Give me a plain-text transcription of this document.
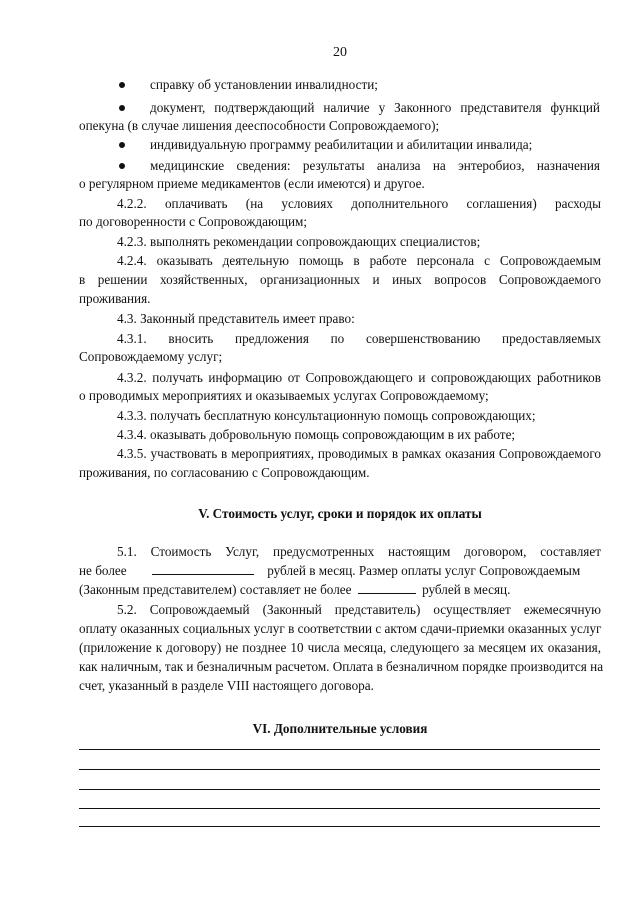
20
справку об установлении инвалидности;
документ, подтверждающий наличие у Законного представителя функций
опекуна (в случае лишения дееспособности Сопровождаемого);
индивидуальную программу реабилитации и абилитации инвалида;
медицинские сведения: результаты анализа на энтеробиоз, назначения
о регулярном приеме медикаментов (если имеются) и другое.
4.2.2. оплачивать (на условиях дополнительного соглашения) расходы
по договоренности с Сопровождающим;
4.2.3. выполнять рекомендации сопровождающих специалистов;
4.2.4. оказывать деятельную помощь в работе персонала с Сопровождаемым
в решении хозяйственных, организационных и иных вопросов Сопровождаемого
проживания.
4.3. Законный представитель имеет право:
4.3.1. вносить предложения по совершенствованию предоставляемых
Сопровождаемому услуг;
4.3.2. получать информацию от Сопровождающего и сопровождающих работников
о проводимых мероприятиях и оказываемых услугах Сопровождаемому;
4.3.3. получать бесплатную консультационную помощь сопровождающих;
4.3.4. оказывать добровольную помощь сопровождающим в их работе;
4.3.5. участвовать в мероприятиях, проводимых в рамках оказания Сопровождаемого
проживания, по согласованию с Сопровождающим.
V. Стоимость услуг, сроки и порядок их оплаты
5.1. Стоимость Услуг, предусмотренных настоящим договором, составляет
не более	рублей в месяц. Размер оплаты услуг Сопровождаемым
(Законным представителем) составляет не более	рублей в месяц.
5.2. Сопровождаемый (Законный представитель) осуществляет ежемесячную
оплату оказанных социальных услуг в соответствии с актом сдачи-приемки оказанных услуг
(приложение к договору) не позднее 10 числа месяца, следующего за месяцем их оказания,
как наличным, так и безналичным расчетом. Оплата в безналичном порядке производится на
счет, указанный в разделе VIII настоящего договора.
VI. Дополнительные условия
